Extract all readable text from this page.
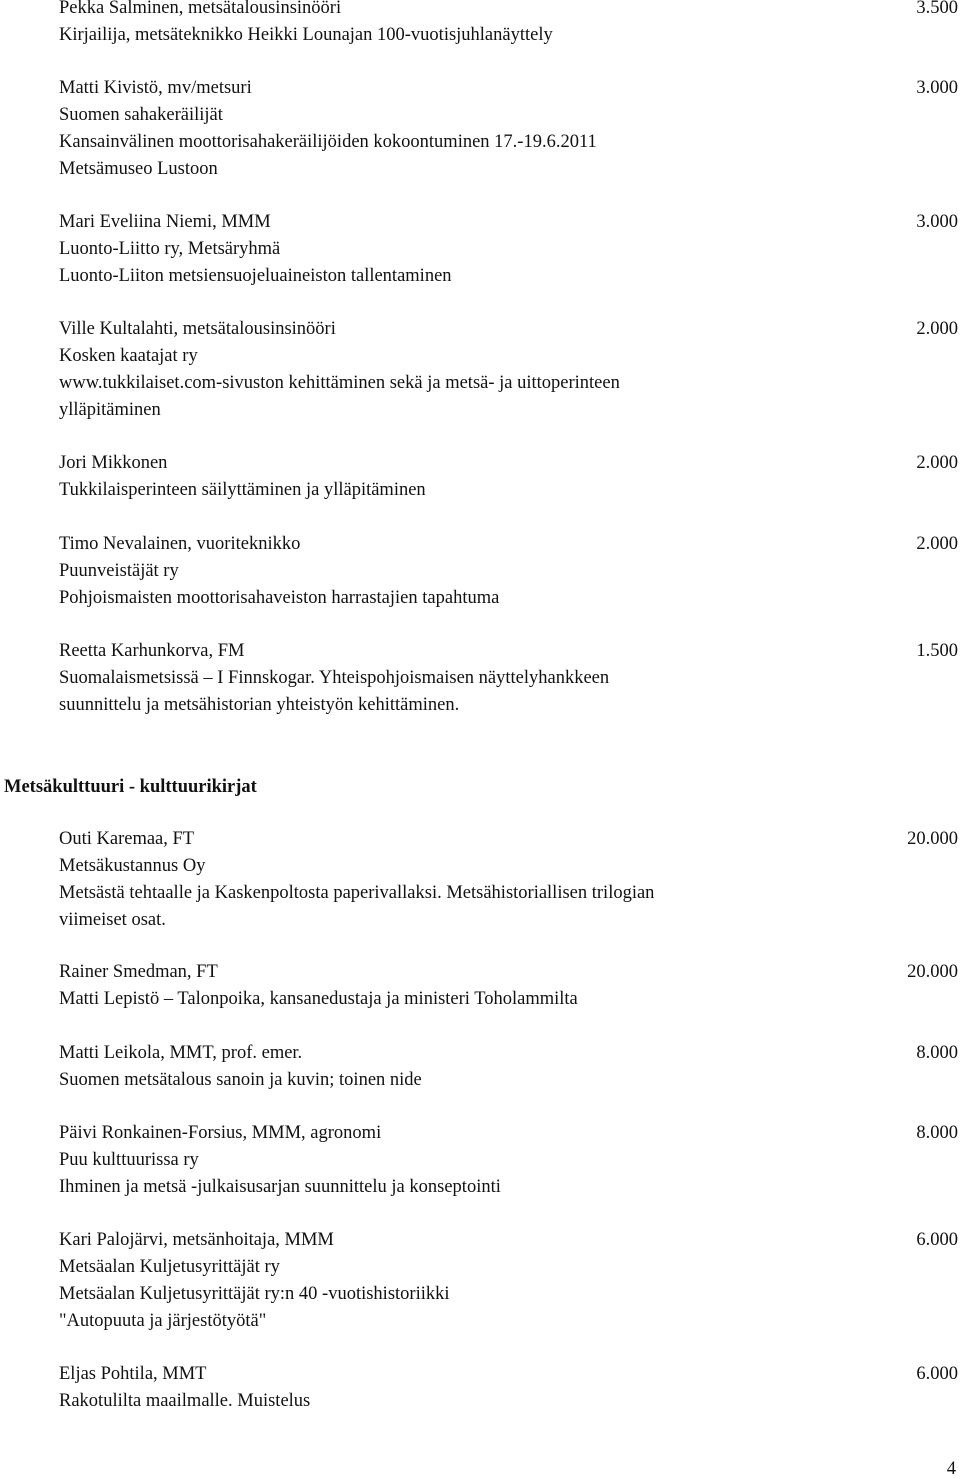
Pekka Salminen, metsätalousinsinööri	3.500
Kirjailija, metsäteknikko Heikki Lounajan 100-vuotisjuhlanäyttely
Matti Kivistö, mv/metsuri	3.000
Suomen sahakeräilijät
Kansainvälinen moottorisahakeräilijöiden kokoontuminen 17.-19.6.2011
Metsämuseo Lustoon
Mari Eveliina Niemi, MMM	3.000
Luonto-Liitto ry, Metsäryhmä
Luonto-Liiton metsiensuojeluaineiston tallentaminen
Ville Kultalahti, metsätalousinsinööri	2.000
Kosken kaatajat ry
www.tukkilaiset.com-sivuston kehittäminen sekä ja metsä- ja uittoperinteen
ylläpitäminen
Jori Mikkonen	2.000
Tukkilaisperinteen säilyttäminen ja ylläpitäminen
Timo Nevalainen, vuoriteknikko	2.000
Puunveistäjät ry
Pohjoismaisten moottorisahaveiston harrastajien tapahtuma
Reetta Karhunkorva, FM	1.500
Suomalaismetsissä – I Finnskogar. Yhteispohjoismaisen näyttelyhankkeen
suunnittelu ja metsähistorian yhteistyön kehittäminen.
Metsäkulttuuri - kulttuurikirjat
Outi Karemaa, FT	20.000
Metsäkustannus Oy
Metsästä tehtaalle ja Kaskenpoltosta paperivallaksi. Metsähistoriallisen trilogian
viimeiset osat.
Rainer Smedman, FT	20.000
Matti Lepistö – Talonpoika, kansanedustaja ja ministeri Toholammilta
Matti Leikola, MMT, prof. emer.	8.000
Suomen metsätalous sanoin ja kuvin; toinen nide
Päivi Ronkainen-Forsius, MMM, agronomi	8.000
Puu kulttuurissa ry
Ihminen ja metsä -julkaisusarjan suunnittelu ja konseptointi
Kari Palojärvi, metsänhoitaja, MMM	6.000
Metsäalan Kuljetusyrittäjät ry
Metsäalan Kuljetusyrittäjät ry:n 40 -vuotishistoriikki
"Autopuuta ja järjestötyötä"
Eljas Pohtila, MMT	6.000
Rakotulilta maailmalle. Muistelus
4
